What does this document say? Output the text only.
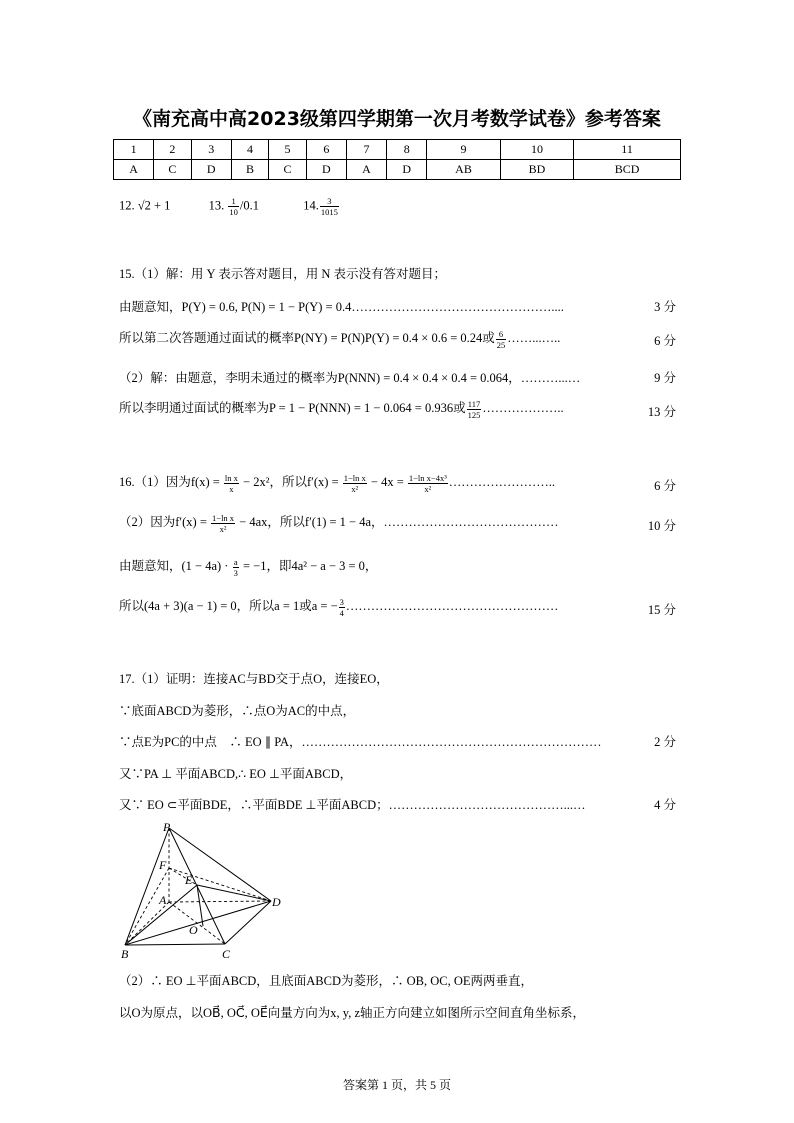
《南充高中高2023级第四学期第一次月考数学试卷》参考答案
1	2	3	4	5	6	7	8	9	10	11
A	C	D	B	C	D	A	D	AB	BD	BCD
12. √2 + 1	13. $\frac{1}{10} /0.1$	14. $\frac{3}{1015}$
15.（1）解：用 Y 表示答对题目，用 N 表示没有答对题目；
由题意知，P(Y) = 0.6, P(N) = 1 − P(Y) = 0.4…………………………………………....	3 分
所以第二次答题通过面试的概率P(NY) = P(N)P(Y) = 0.4 × 0.6 = 0.24或 $\frac{6}{25}$ ……...…..	6 分
（2）解：由题意，李明未通过的概率为P(NNN) = 0.4 × 0.4 × 0.4 = 0.064，………...…	9 分
所以李明通过面试的概率为P = 1 − P(NNN) = 1 − 0.064 = 0.936或 $\frac{117}{125}$ ………………..	13 分
16.（1）因为$f(x) = \frac{\text{ln x}}{x} - 2x^2$，所以$f'(x) = \frac{\text{1−ln x}}{\text{x²}} - 4x = \frac{\text{1−ln x−4x³}}{\text{x²}}$ ……………………..	6 分
（2）因为$f'(x) = \frac{\text{1−ln x}}{\text{x²}} - 4ax$，所以f′(1) = 1 − 4a，……………………………………	10 分
由题意知，$(1 - 4a) \cdot \frac{a}{3} = -1$，即4a² − a − 3 = 0，
所以(4a + 3)(a − 1) = 0，所以a = 1或a = − $\frac{3}{4}$ ……………………………………………	15 分
17.（1）证明：连接AC与BD交于点O，连接EO，
∵底面ABCD为菱形，∴点O为AC的中点，
∵点E为PC的中点　∴ EO ∥ PA，………………………………………………………………	2 分
又∵PA ⊥ 平面ABCD,∴ EO ⊥平面ABCD，
又∵ EO ⊂平面BDE，∴平面BDE ⊥平面ABCD；……………………………………...…	4 分
P
F
E
A	D
O
B	C
（2）∴ EO ⊥平面ABCD，且底面ABCD为菱形，∴ OB, OC, OE两两垂直，
以O为原点，以OB⃗, OC⃗, OE⃗向量方向为x, y, z轴正方向建立如图所示空间直角坐标系，
答案第 1 页，共 5 页
